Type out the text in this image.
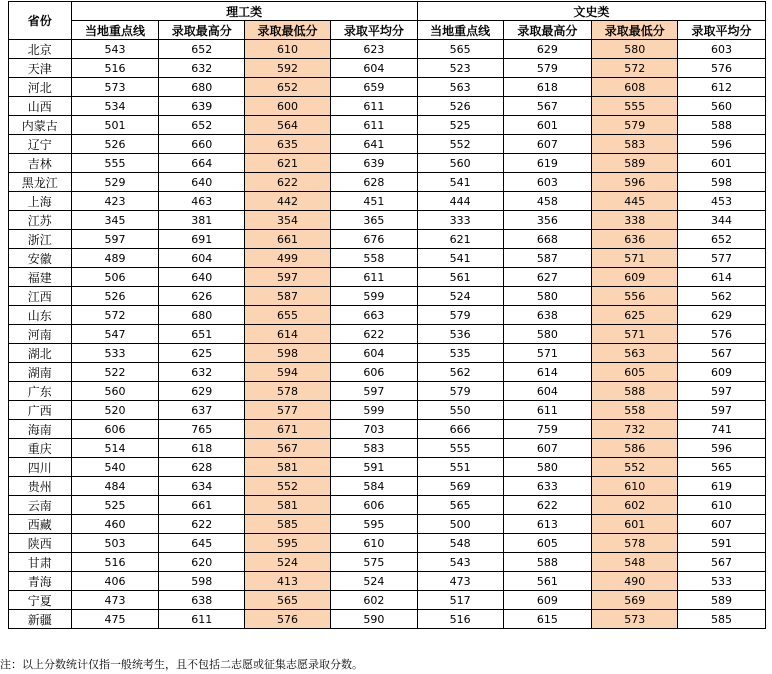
省份	理工类				文史类			
	当地重点线	录取最高分	录取最低分	录取平均分	当地重点线	录取最高分	录取最低分	录取平均分
北京	543	652	610	623	565	629	580	603
天津	516	632	592	604	523	579	572	576
河北	573	680	652	659	563	618	608	612
山西	534	639	600	611	526	567	555	560
内蒙古	501	652	564	611	525	601	579	588
辽宁	526	660	635	641	552	607	583	596
吉林	555	664	621	639	560	619	589	601
黑龙江	529	640	622	628	541	603	596	598
上海	423	463	442	451	444	458	445	453
江苏	345	381	354	365	333	356	338	344
浙江	597	691	661	676	621	668	636	652
安徽	489	604	499	558	541	587	571	577
福建	506	640	597	611	561	627	609	614
江西	526	626	587	599	524	580	556	562
山东	572	680	655	663	579	638	625	629
河南	547	651	614	622	536	580	571	576
湖北	533	625	598	604	535	571	563	567
湖南	522	632	594	606	562	614	605	609
广东	560	629	578	597	579	604	588	597
广西	520	637	577	599	550	611	558	597
海南	606	765	671	703	666	759	732	741
重庆	514	618	567	583	555	607	586	596
四川	540	628	581	591	551	580	552	565
贵州	484	634	552	584	569	633	610	619
云南	525	661	581	606	565	622	602	610
西藏	460	622	585	595	500	613	601	607
陕西	503	645	595	610	548	605	578	591
甘肃	516	620	524	575	543	588	548	567
青海	406	598	413	524	473	561	490	533
宁夏	473	638	565	602	517	609	569	589
新疆	475	611	576	590	516	615	573	585
注：以上分数统计仅指一般统考生，且不包括二志愿或征集志愿录取分数。
